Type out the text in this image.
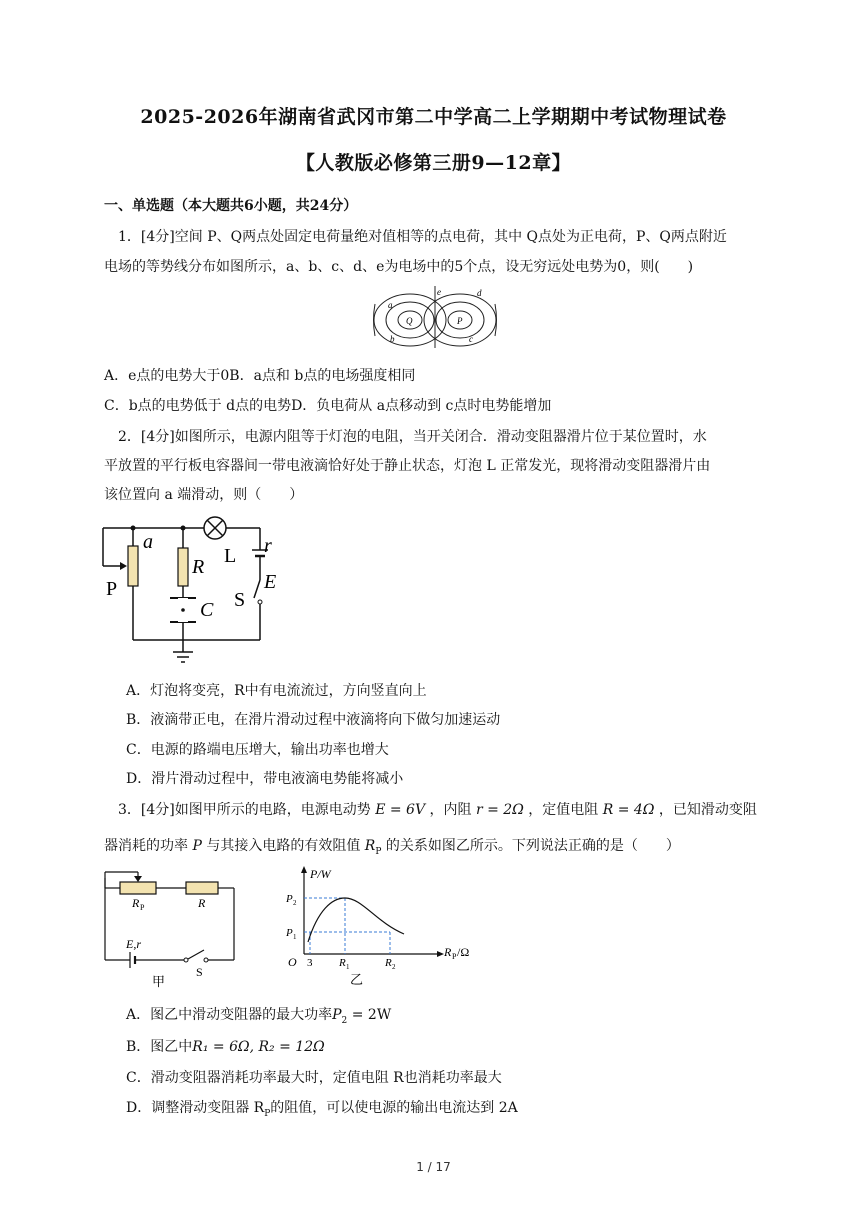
2025-2026年湖南省武冈市第二中学高二上学期期中考试物理试卷
【人教版必修第三册9—12章】
一、单选题（本大题共6小题，共24分）
1．[4分]空间 P、Q两点处固定电荷量绝对值相等的点电荷，其中 Q点处为正电荷，P、Q两点附近
电场的等势线分布如图所示，a、b、c、d、e为电场中的5个点，设无穷远处电势为0，则(　　)
a
b	c
d
e
Q	P
A．e点的电势大于0B．a点和 b点的电场强度相同
C．b点的电势低于 d点的电势D．负电荷从 a点移动到 c点时电势能增加
2．[4分]如图所示，电源内阻等于灯泡的电阻，当开关闭合．滑动变阻器滑片位于某位置时，水
平放置的平行板电容器间一带电液滴恰好处于静止状态，灯泡 L 正常发光，现将滑动变阻器滑片由
该位置向 a 端滑动，则（　　）
a
P
R L r
E
S
C
A．灯泡将变亮，R中有电流流过，方向竖直向上
B．液滴带正电，在滑片滑动过程中液滴将向下做匀加速运动
C．电源的路端电压增大，输出功率也增大
D．滑片滑动过程中，带电液滴电势能将减小
3．[4分]如图甲所示的电路，电源电动势 E = 6V ，内阻 r = 2Ω ，定值电阻 R = 4Ω ，已知滑动变阻
器消耗的功率 P 与其接入电路的有效阻值 $R_P$ 的关系如图乙所示。下列说法正确的是（　　）
R P	R
E,r
S
甲
P/W
R P /Ω
O 3 R 1	R 2
P 2
P 1
乙
A．图乙中滑动变阻器的最大功率$P_2 = 2W$
B．图乙中R₁ = 6Ω, R₂ = 12Ω
C．滑动变阻器消耗功率最大时，定值电阻 R也消耗功率最大
D．调整滑动变阻器 $R_P$的阻值，可以使电源的输出电流达到 2A
1 / 17
